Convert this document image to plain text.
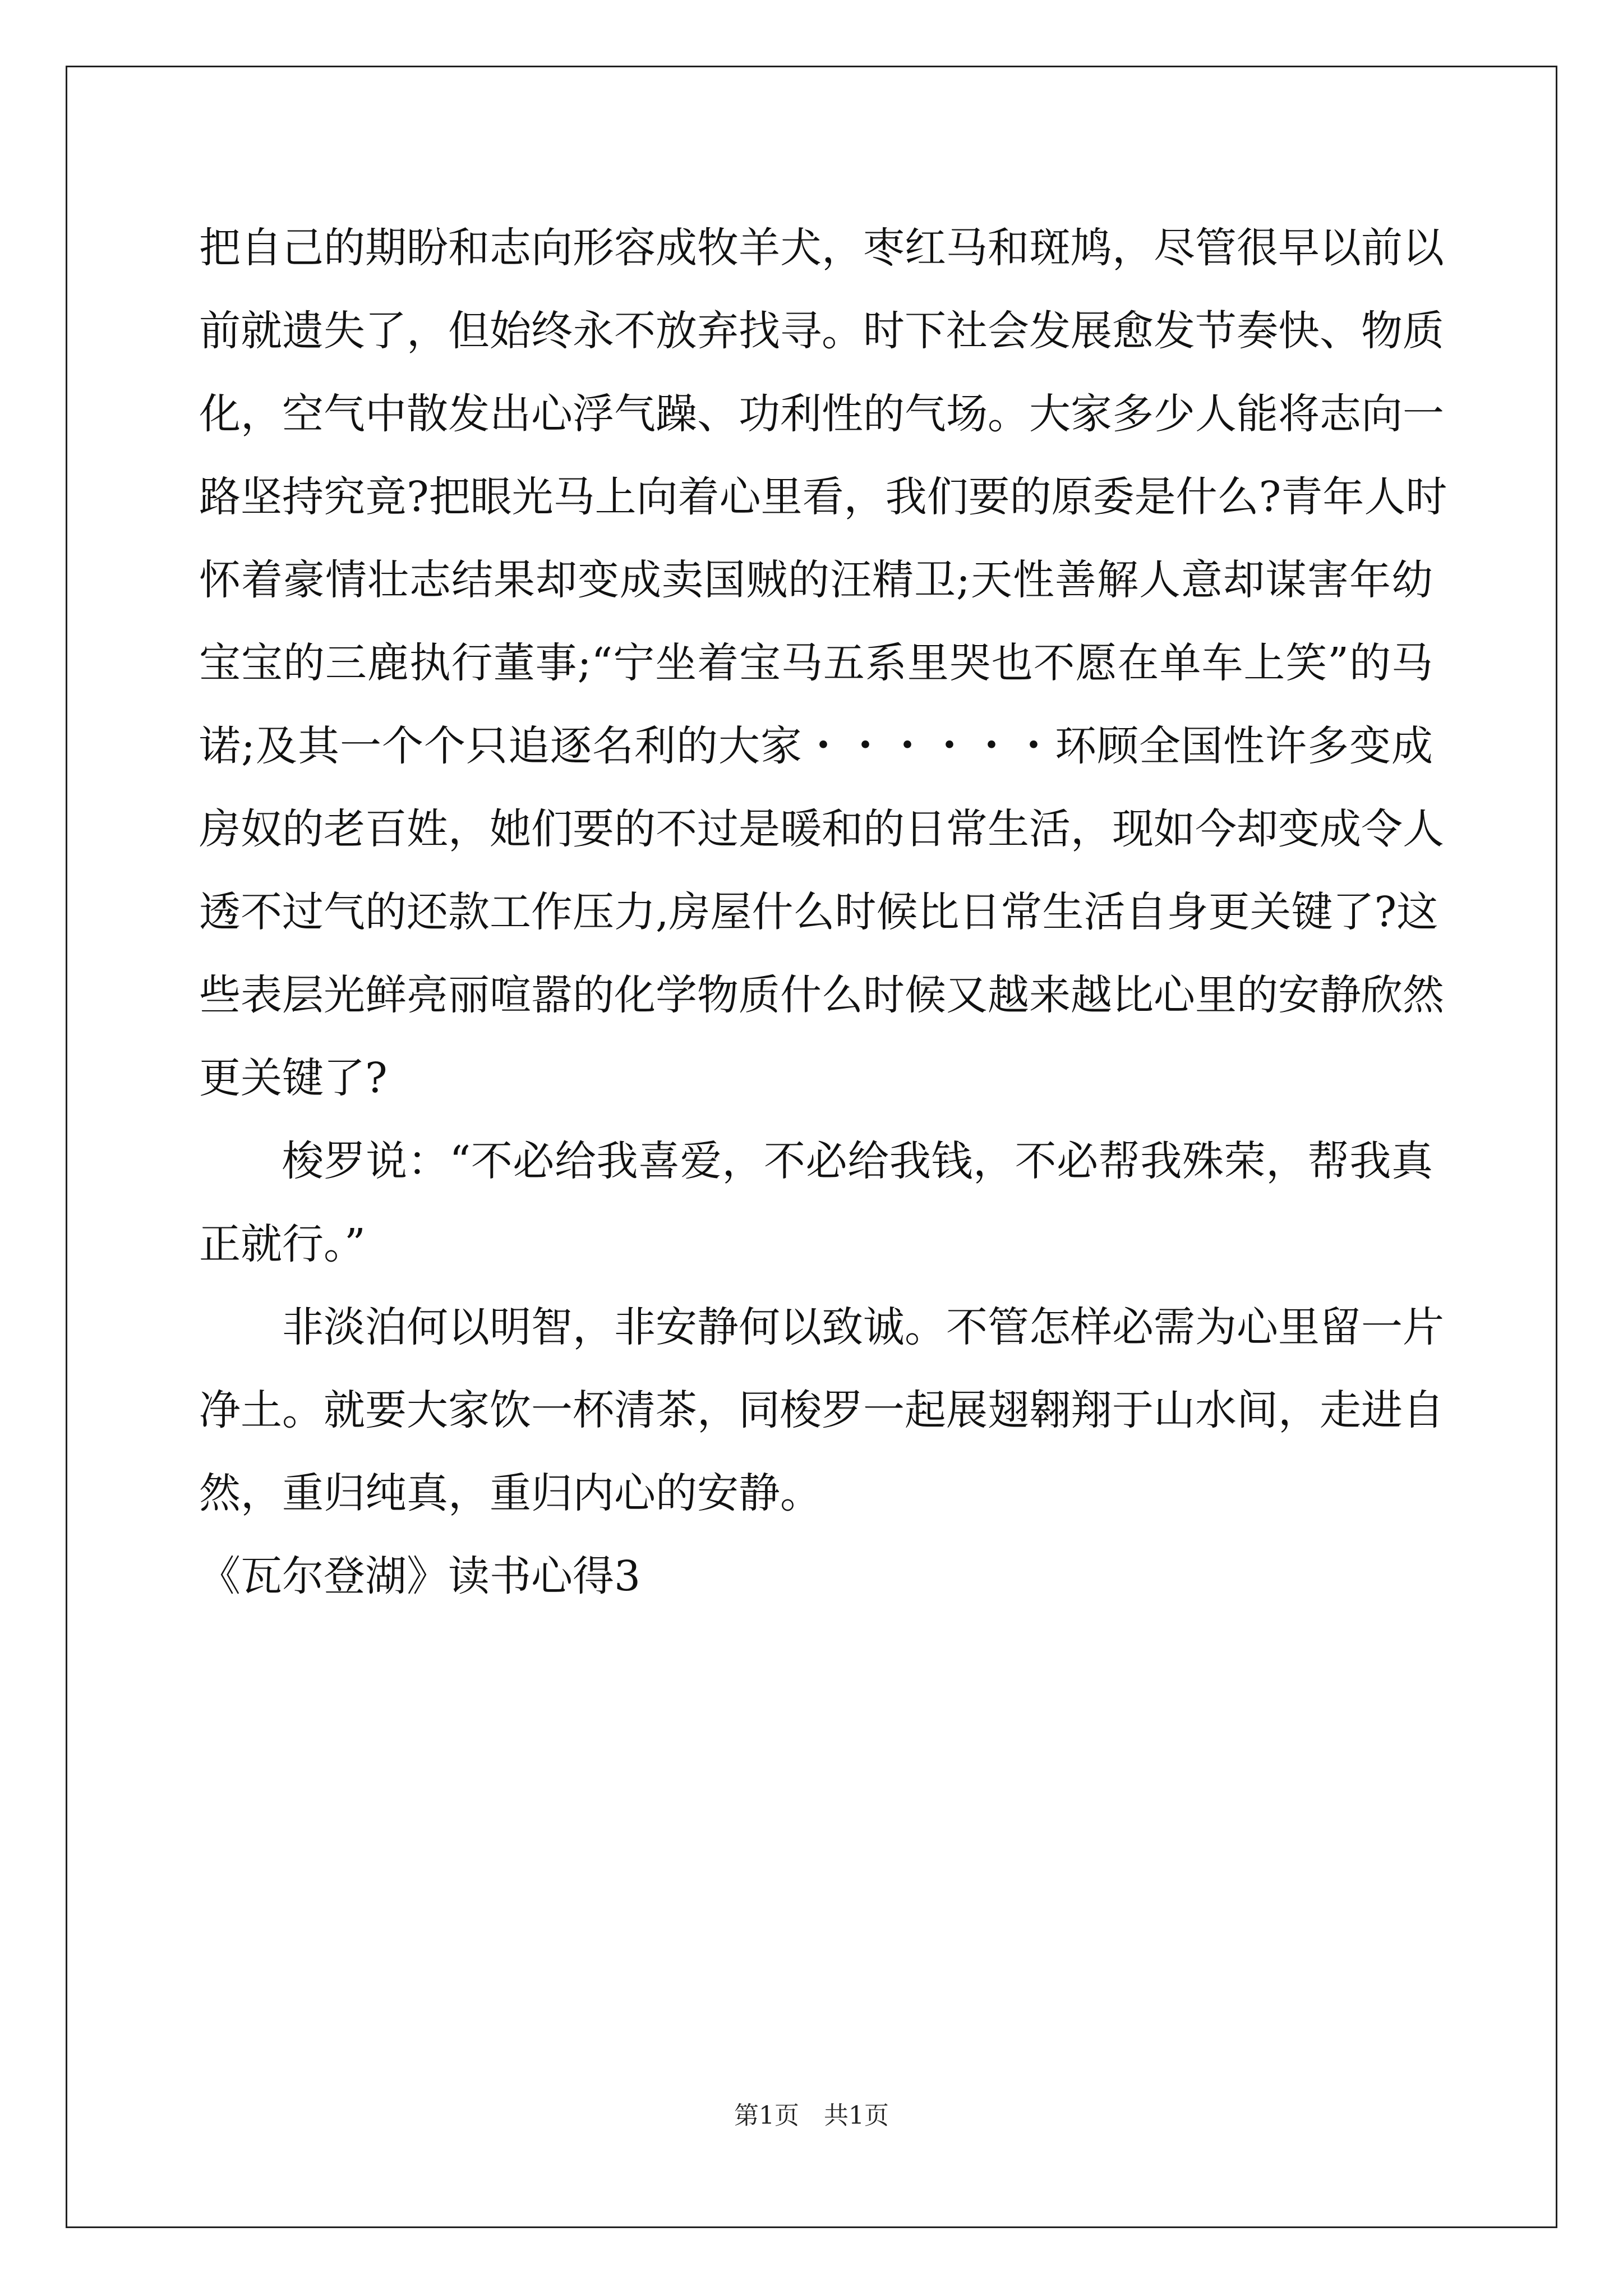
把自己的期盼和志向形容成牧羊犬，枣红马和斑鸠，尽管很早以前以
前就遗失了，但始终永不放弃找寻。时下社会发展愈发节奏快、物质
化，空气中散发出心浮气躁、功利性的气场。大家多少人能将志向一
路坚持究竟?把眼光马上向着心里看，我们要的原委是什么?青年人时
怀着豪情壮志结果却变成卖国贼的汪精卫;天性善解人意却谋害年幼
宝宝的三鹿执行董事;“宁坐着宝马五系里哭也不愿在单车上笑”的马
诺;及其一个个只追逐名利的大家・・・・・・环顾全国性许多变成
房奴的老百姓，她们要的不过是暖和的日常生活，现如今却变成令人
透不过气的还款工作压力,房屋什么时候比日常生活自身更关键了?这
些表层光鲜亮丽喧嚣的化学物质什么时候又越来越比心里的安静欣然
更关键了?
梭罗说：“不必给我喜爱，不必给我钱，不必帮我殊荣，帮我真
正就行。”
非淡泊何以明智，非安静何以致诚。不管怎样必需为心里留一片
净土。就要大家饮一杯清茶，同梭罗一起展翅翱翔于山水间，走进自
然，重归纯真，重归内心的安静。
《瓦尔登湖》读书心得3
第1页　共1页
